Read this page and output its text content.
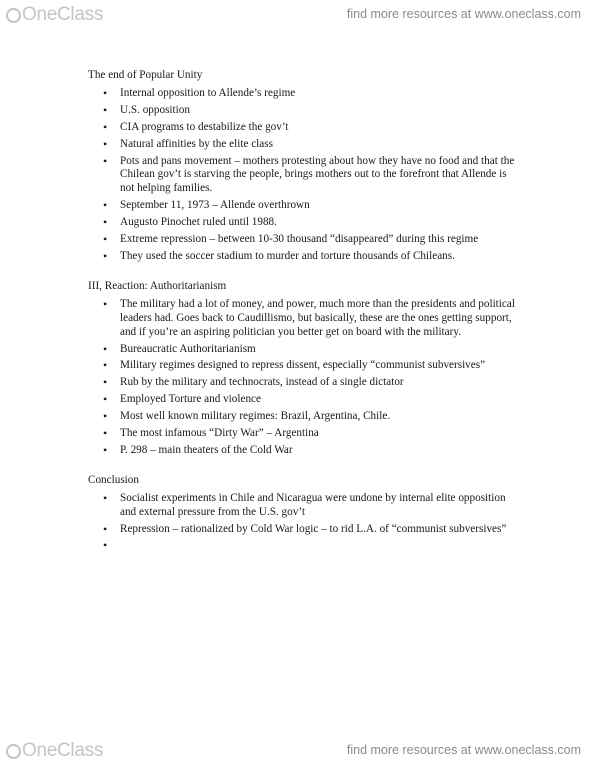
OneClass	find more resources at www.oneclass.com
The end of Popular Unity
• Internal opposition to Allende’s regime
• U.S. opposition
• CIA programs to destabilize the gov’t
• Natural affinities by the elite class
• Pots and pans movement – mothers protesting about how they have no food and that the Chilean gov’t is starving the people, brings mothers out to the forefront that Allende is not helping families.
• September 11, 1973 – Allende overthrown
• Augusto Pinochet ruled until 1988.
• Extreme repression – between 10-30 thousand “disappeared” during this regime
• They used the soccer stadium to murder and torture thousands of Chileans.
III, Reaction: Authoritarianism
• The military had a lot of money, and power, much more than the presidents and political leaders had. Goes back to Caudillismo, but basically, these are the ones getting support, and if you’re an aspiring politician you better get on board with the military.
• Bureaucratic Authoritarianism
• Military regimes designed to repress dissent, especially “communist subversives”
• Rub by the military and technocrats, instead of a single dictator
• Employed Torture and violence
• Most well known military regimes: Brazil, Argentina, Chile.
• The most infamous “Dirty War” – Argentina
• P. 298 – main theaters of the Cold War
Conclusion
• Socialist experiments in Chile and Nicaragua were undone by internal elite opposition and external pressure from the U.S. gov’t
• Repression – rationalized by Cold War logic – to rid L.A. of “communist subversives”
•
OneClass	find more resources at www.oneclass.com
